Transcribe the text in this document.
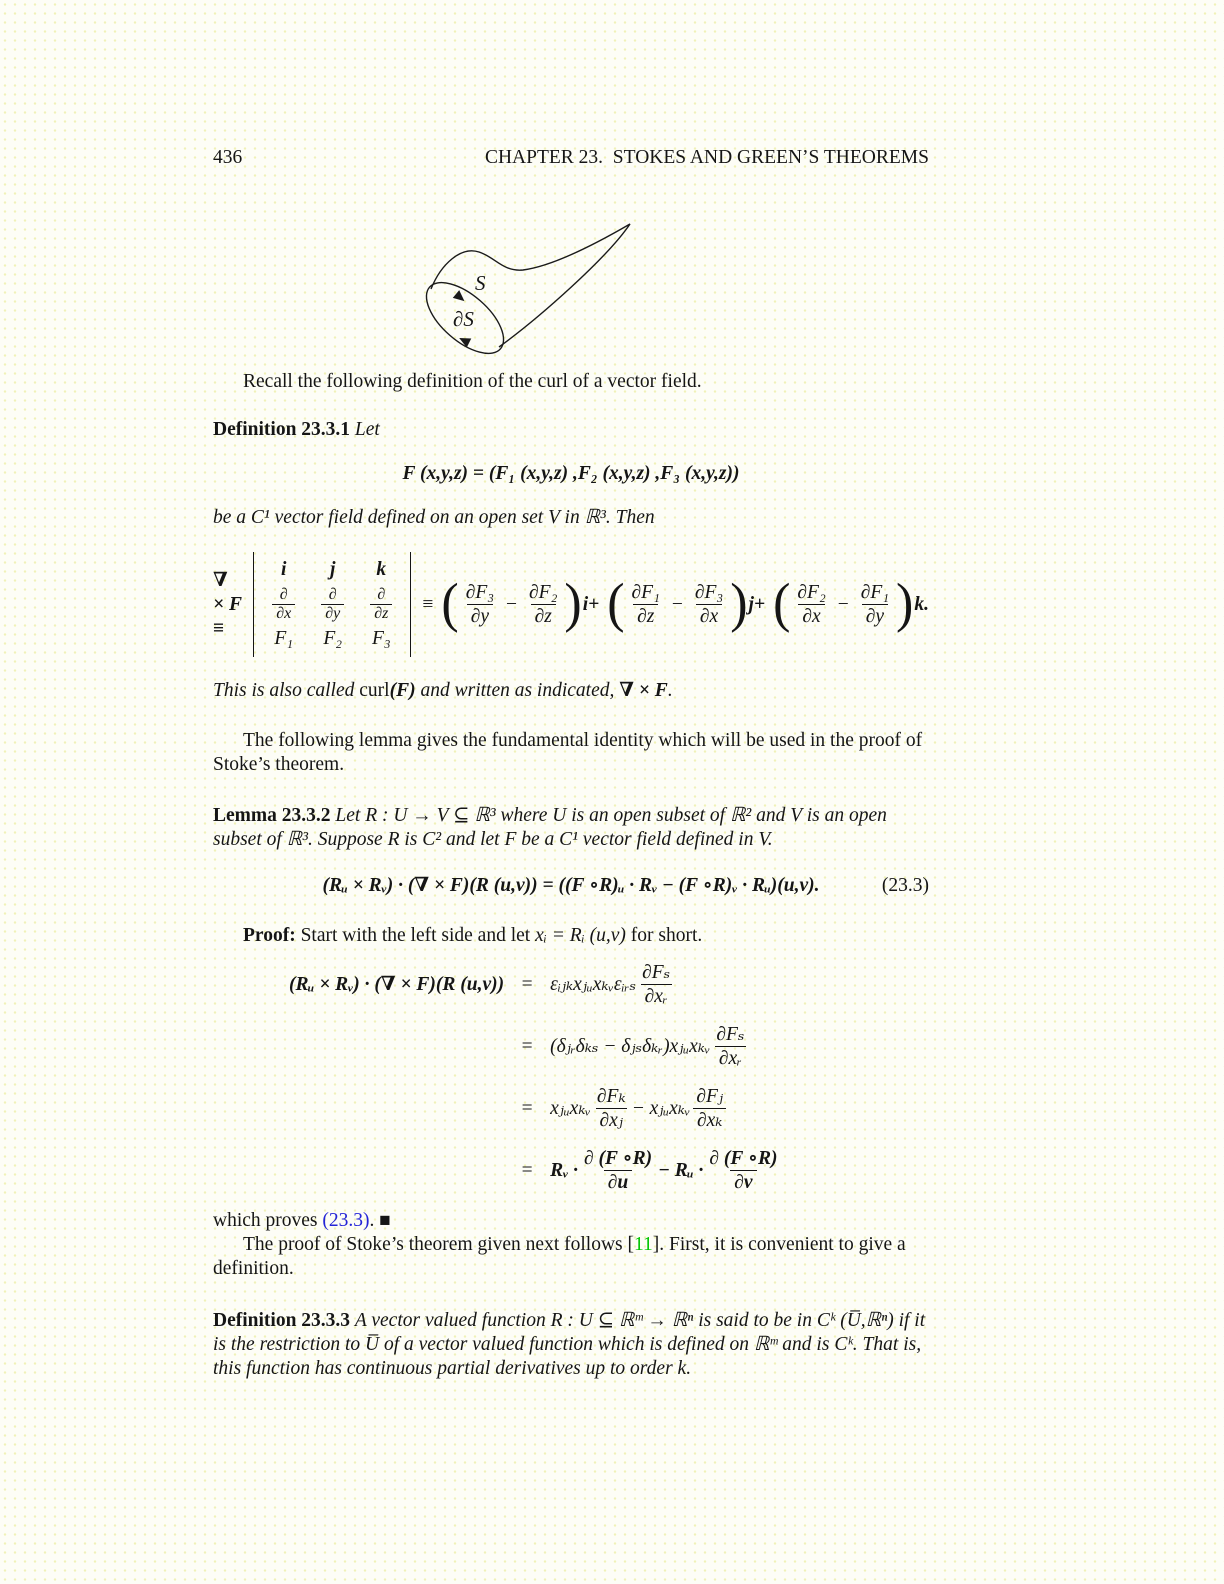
436	CHAPTER 23.  STOKES AND GREEN’S THEOREMS
S
∂S

Recall the following definition of the curl of a vector field.

Definition 23.3.1 Let

F (x,y,z) = (F₁ (x,y,z) ,F₂ (x,y,z) ,F₃ (x,y,z))

be a C¹ vector field defined on an open set V in ℝ³. Then

∇ × F ≡
i j k
$\frac{\partial}{\partial x} \frac{\partial}{\partial y} \frac{\partial}{\partial z}$
F₁ F₂ F₃
≡ ( $\frac{\text{∂F₃}}{\partial y} - \frac{\text{∂F₂}}{\partial z}$ ) i+ ( $\frac{\text{∂F₁}}{\partial z} - \frac{\text{∂F₃}}{\partial x}$ ) j+ ( $\frac{\text{∂F₂}}{\partial x} - \frac{\text{∂F₁}}{\partial y}$ ) k.

This is also called curl(F) and written as indicated, ∇ × F.

The following lemma gives the fundamental identity which will be used in the proof of Stoke’s theorem.

Lemma 23.3.2 Let R : U → V ⊆ ℝ³ where U is an open subset of ℝ² and V is an open subset of ℝ³. Suppose R is C² and let F be a C¹ vector field defined in V.

(Rᵤ × Rᵥ) · (∇ × F)(R (u,v)) = ((F ∘R)ᵤ · Rᵥ − (F ∘R)ᵥ · Rᵤ)(u,v).	(23.3)

Proof: Start with the left side and let xᵢ = Rᵢ (u,v) for short.

(Rᵤ × Rᵥ) · (∇ × F)(R (u,v)) = εᵢⱼₖxⱼᵤxₖᵥεᵢᵣₛ $\frac{\text{∂Fₛ}}{\text{∂xᵣ}}$
= (δⱼᵣδₖₛ − δⱼₛδₖᵣ)xⱼᵤxₖᵥ $\frac{\text{∂Fₛ}}{\text{∂xᵣ}}$
= xⱼᵤxₖᵥ $\frac{\text{∂Fₖ}}{\text{∂xⱼ}}$ − xⱼᵤxₖᵥ $\frac{\text{∂Fⱼ}}{\text{∂xₖ}}$
= Rᵥ · $\frac{\partial (F \circ R)}{\partial u}$ − Rᵤ · $\frac{\partial (F \circ R)}{\partial v}$

which proves (23.3). ■

The proof of Stoke’s theorem given next follows [11]. First, it is convenient to give a definition.

Definition 23.3.3 A vector valued function R : U ⊆ ℝᵐ → ℝⁿ is said to be in Cᵏ (U̅,ℝⁿ) if it is the restriction to U̅ of a vector valued function which is defined on ℝᵐ and is Cᵏ. That is, this function has continuous partial derivatives up to order k.
